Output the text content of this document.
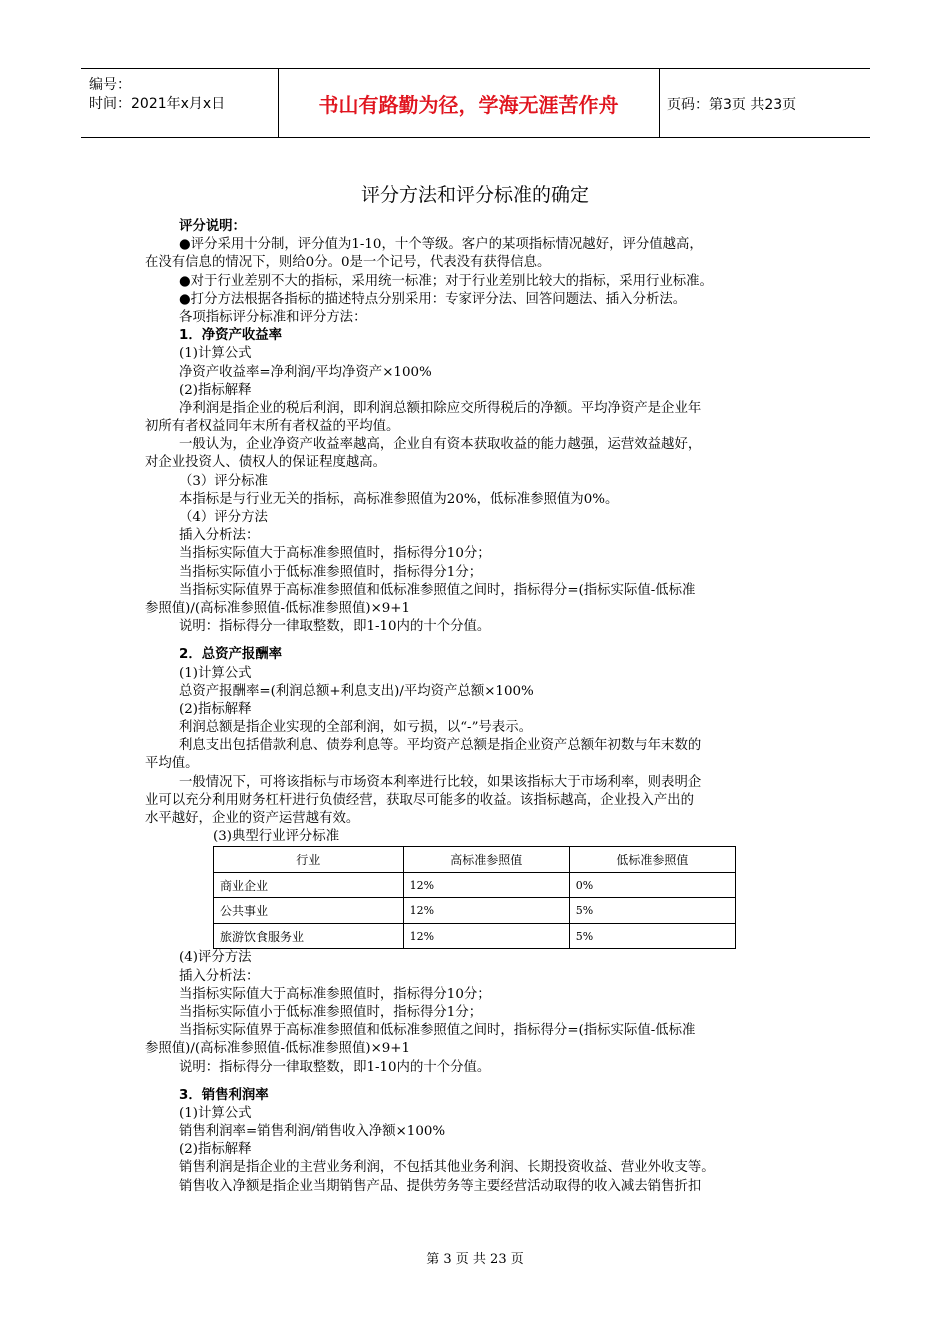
编号：
时间：2021年x月x日	书山有路勤为径，学海无涯苦作舟	页码：第3页 共23页
评分方法和评分标准的确定
评分说明：
●评分采用十分制，评分值为1-10，十个等级。客户的某项指标情况越好，评分值越高，
在没有信息的情况下，则给0分。0是一个记号，代表没有获得信息。
●对于行业差别不大的指标，采用统一标准；对于行业差别比较大的指标，采用行业标准。
●打分方法根据各指标的描述特点分别采用：专家评分法、回答问题法、插入分析法。
各项指标评分标准和评分方法：
1．净资产收益率
(1)计算公式
净资产收益率=净利润/平均净资产×100%
(2)指标解释
净利润是指企业的税后利润，即利润总额扣除应交所得税后的净额。平均净资产是企业年
初所有者权益同年末所有者权益的平均值。
一般认为，企业净资产收益率越高，企业自有资本获取收益的能力越强，运营效益越好，
对企业投资人、债权人的保证程度越高。
（3）评分标准
本指标是与行业无关的指标，高标准参照值为20%，低标准参照值为0%。
（4）评分方法
插入分析法：
当指标实际值大于高标准参照值时，指标得分10分；
当指标实际值小于低标准参照值时，指标得分1分；
当指标实际值界于高标准参照值和低标准参照值之间时，指标得分=(指标实际值-低标准
参照值)/(高标准参照值-低标准参照值)×9+1
说明：指标得分一律取整数，即1-10内的十个分值。
2．总资产报酬率
(1)计算公式
总资产报酬率=(利润总额+利息支出)/平均资产总额×100%
(2)指标解释
利润总额是指企业实现的全部利润，如亏损，以“-”号表示。
利息支出包括借款利息、债券利息等。平均资产总额是指企业资产总额年初数与年末数的
平均值。
一般情况下，可将该指标与市场资本利率进行比较，如果该指标大于市场利率，则表明企
业可以充分利用财务杠杆进行负债经营，获取尽可能多的收益。该指标越高，企业投入产出的
水平越好，企业的资产运营越有效。
(3)典型行业评分标准
行业	高标准参照值	低标准参照值
商业企业	12%	0%
公共事业	12%	5%
旅游饮食服务业	12%	5%
(4)评分方法
插入分析法：
当指标实际值大于高标准参照值时，指标得分10分；
当指标实际值小于低标准参照值时，指标得分1分；
当指标实际值界于高标准参照值和低标准参照值之间时，指标得分=(指标实际值-低标准
参照值)/(高标准参照值-低标准参照值)×9+1
说明：指标得分一律取整数，即1-10内的十个分值。
3．销售利润率
(1)计算公式
销售利润率=销售利润/销售收入净额×100%
(2)指标解释
销售利润是指企业的主营业务利润，不包括其他业务利润、长期投资收益、营业外收支等。
销售收入净额是指企业当期销售产品、提供劳务等主要经营活动取得的收入减去销售折扣
第 3 页 共 23 页
